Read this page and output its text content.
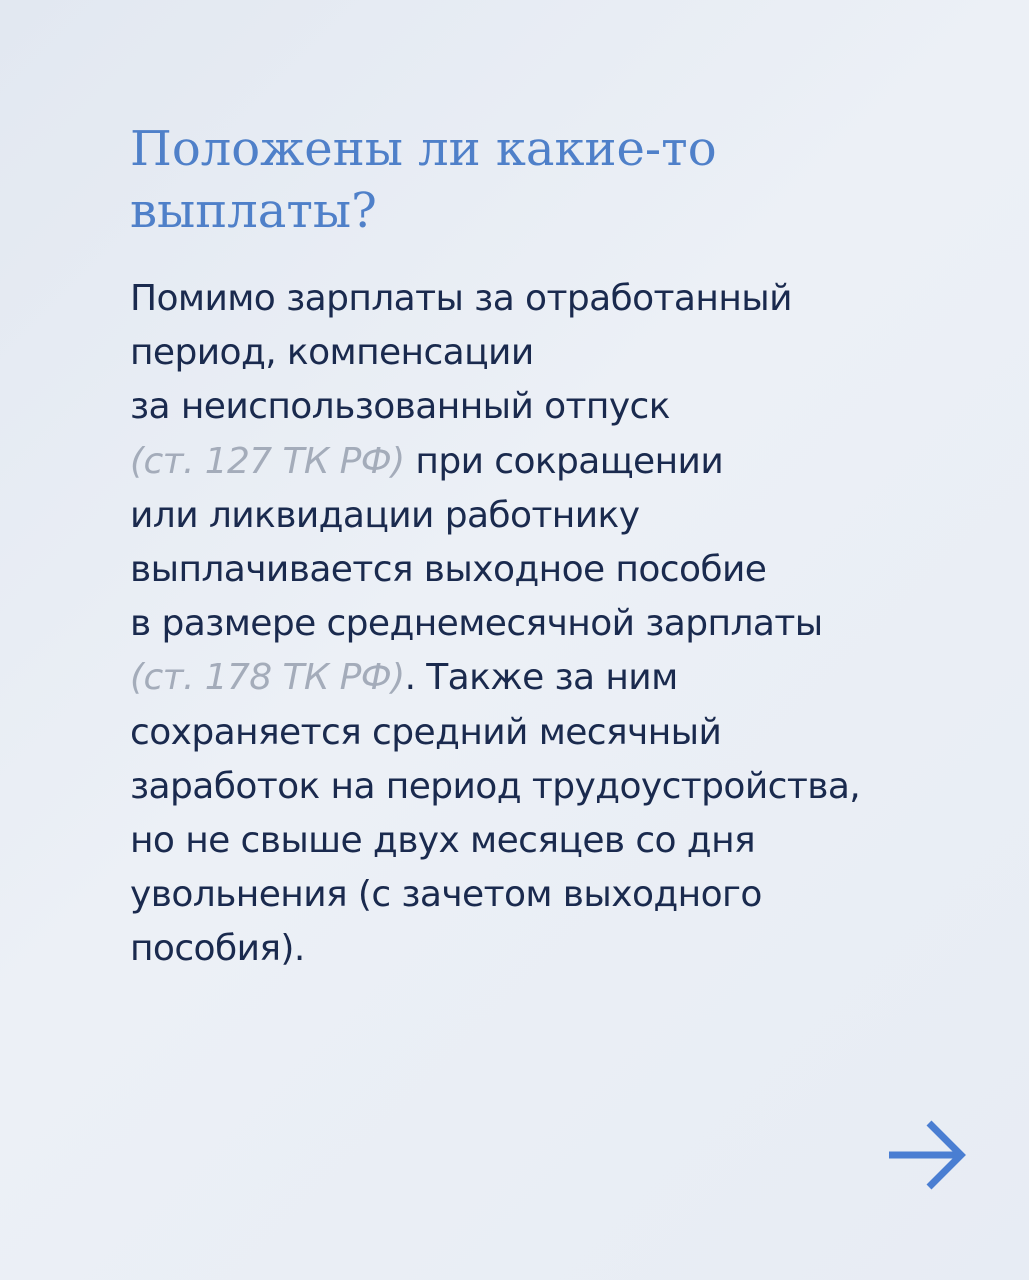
Положены ли какие-то
выплаты?

Помимо зарплаты за отработанный
период, компенсации
за неиспользованный отпуск
(ст. 127 ТК РФ) при сокращении
или ликвидации работнику
выплачивается выходное пособие
в размере среднемесячной зарплаты
(ст. 178 ТК РФ). Также за ним
сохраняется средний месячный
заработок на период трудоустройства,
но не свыше двух месяцев со дня
увольнения (с зачетом выходного
пособия).
